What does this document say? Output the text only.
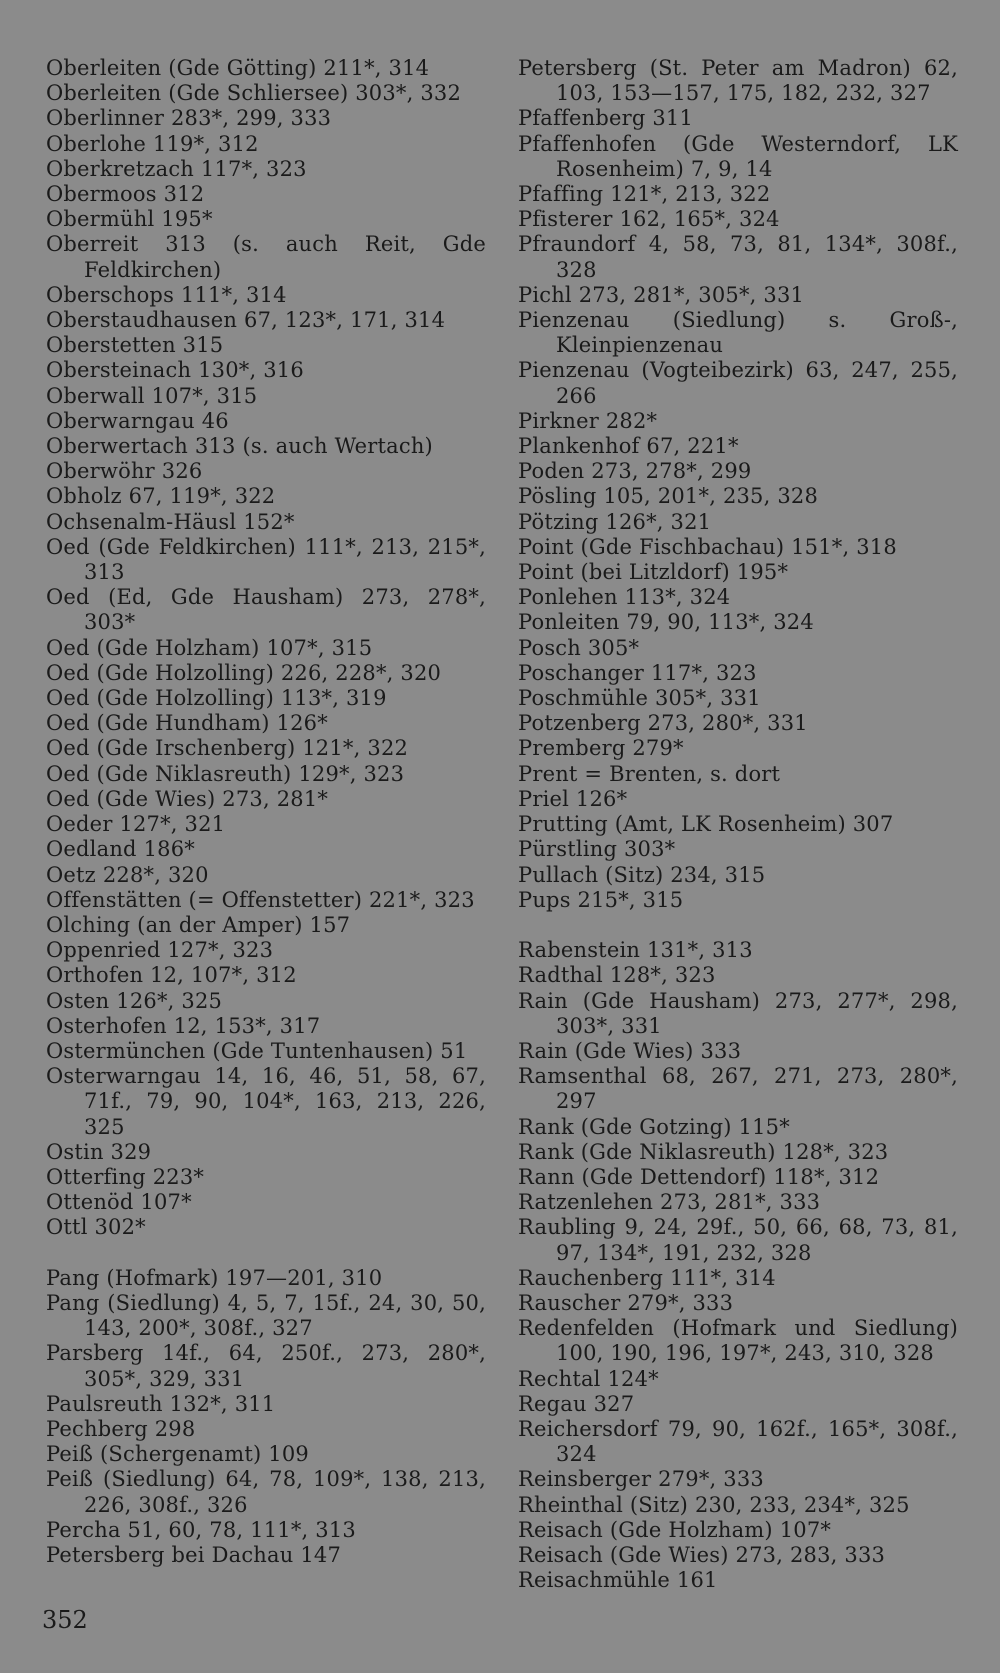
Oberleiten (Gde Götting) 211*, 314
Oberleiten (Gde Schliersee) 303*, 332
Oberlinner 283*, 299, 333
Oberlohe 119*, 312
Oberkretzach 117*, 323
Obermoos 312
Obermühl 195*
Oberreit 313 (s. auch Reit, Gde Feldkirchen)
Oberschops 111*, 314
Oberstaudhausen 67, 123*, 171, 314
Oberstetten 315
Obersteinach 130*, 316
Oberwall 107*, 315
Oberwarngau 46
Oberwertach 313 (s. auch Wertach)
Oberwöhr 326
Obholz 67, 119*, 322
Ochsenalm-Häusl 152*
Oed (Gde Feldkirchen) 111*, 213, 215*, 313
Oed (Ed, Gde Hausham) 273, 278*, 303*
Oed (Gde Holzham) 107*, 315
Oed (Gde Holzolling) 226, 228*, 320
Oed (Gde Holzolling) 113*, 319
Oed (Gde Hundham) 126*
Oed (Gde Irschenberg) 121*, 322
Oed (Gde Niklasreuth) 129*, 323
Oed (Gde Wies) 273, 281*
Oeder 127*, 321
Oedland 186*
Oetz 228*, 320
Offenstätten (= Offenstetter) 221*, 323
Olching (an der Amper) 157
Oppenried 127*, 323
Orthofen 12, 107*, 312
Osten 126*, 325
Osterhofen 12, 153*, 317
Ostermünchen (Gde Tuntenhausen) 51
Osterwarngau 14, 16, 46, 51, 58, 67, 71f., 79, 90, 104*, 163, 213, 226, 325
Ostin 329
Otterfing 223*
Ottenöd 107*
Ottl 302*
Pang (Hofmark) 197—201, 310
Pang (Siedlung) 4, 5, 7, 15f., 24, 30, 50, 143, 200*, 308f., 327
Parsberg 14f., 64, 250f., 273, 280*, 305*, 329, 331
Paulsreuth 132*, 311
Pechberg 298
Peiß (Schergenamt) 109
Peiß (Siedlung) 64, 78, 109*, 138, 213, 226, 308f., 326
Percha 51, 60, 78, 111*, 313
Petersberg bei Dachau 147
Petersberg (St. Peter am Madron) 62, 103, 153—157, 175, 182, 232, 327
Pfaffenberg 311
Pfaffenhofen (Gde Westerndorf, LK Rosenheim) 7, 9, 14
Pfaffing 121*, 213, 322
Pfisterer 162, 165*, 324
Pfraundorf 4, 58, 73, 81, 134*, 308f., 328
Pichl 273, 281*, 305*, 331
Pienzenau (Siedlung) s. Groß-, Kleinpienzenau
Pienzenau (Vogteibezirk) 63, 247, 255, 266
Pirkner 282*
Plankenhof 67, 221*
Poden 273, 278*, 299
Pösling 105, 201*, 235, 328
Pötzing 126*, 321
Point (Gde Fischbachau) 151*, 318
Point (bei Litzldorf) 195*
Ponlehen 113*, 324
Ponleiten 79, 90, 113*, 324
Posch 305*
Poschanger 117*, 323
Poschmühle 305*, 331
Potzenberg 273, 280*, 331
Premberg 279*
Prent = Brenten, s. dort
Priel 126*
Prutting (Amt, LK Rosenheim) 307
Pürstling 303*
Pullach (Sitz) 234, 315
Pups 215*, 315
Rabenstein 131*, 313
Radthal 128*, 323
Rain (Gde Hausham) 273, 277*, 298, 303*, 331
Rain (Gde Wies) 333
Ramsenthal 68, 267, 271, 273, 280*, 297
Rank (Gde Gotzing) 115*
Rank (Gde Niklasreuth) 128*, 323
Rann (Gde Dettendorf) 118*, 312
Ratzenlehen 273, 281*, 333
Raubling 9, 24, 29f., 50, 66, 68, 73, 81, 97, 134*, 191, 232, 328
Rauchenberg 111*, 314
Rauscher 279*, 333
Redenfelden (Hofmark und Siedlung) 100, 190, 196, 197*, 243, 310, 328
Rechtal 124*
Regau 327
Reichersdorf 79, 90, 162f., 165*, 308f., 324
Reinsberger 279*, 333
Rheinthal (Sitz) 230, 233, 234*, 325
Reisach (Gde Holzham) 107*
Reisach (Gde Wies) 273, 283, 333
Reisachmühle 161
352
